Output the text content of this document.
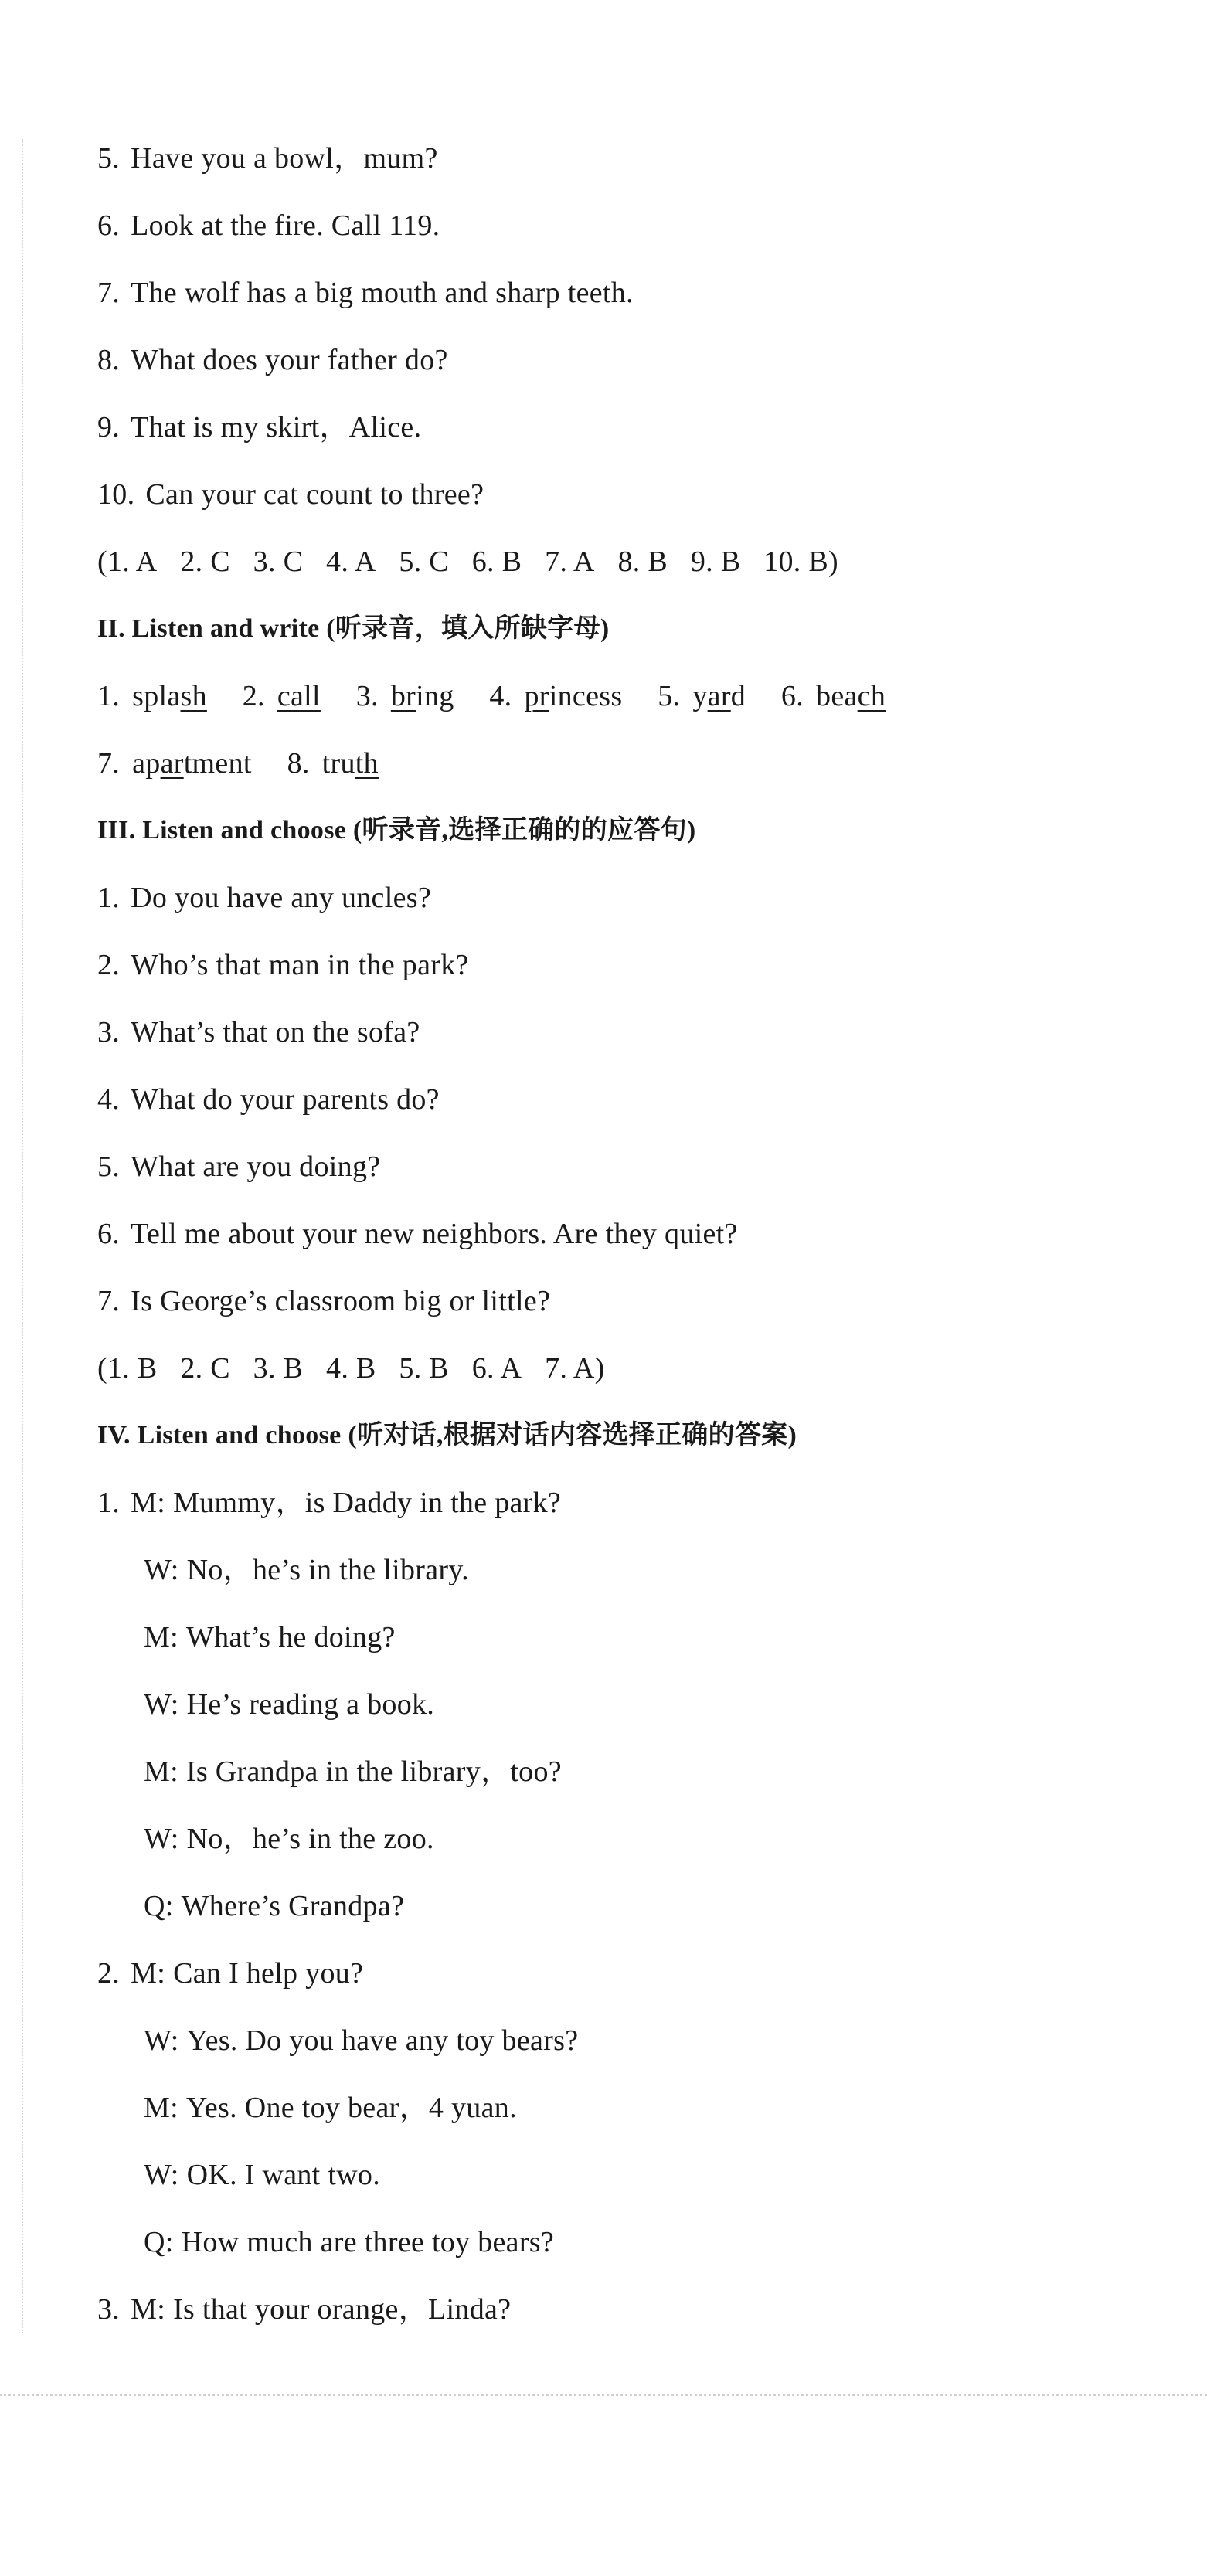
5. Have you a bowl，mum?
6. Look at the fire. Call 119.
7. The wolf has a big mouth and sharp teeth.
8. What does your father do?
9. That is my skirt，Alice.
10. Can your cat count to three?
(1. A 2. C 3. C 4. A 5. C 6. B 7. A 8. B 9. B 10. B)
II. Listen and write (听录音，填入所缺字母)
1. splash 2. call 3. bring 4. princess 5. yard 6. beach
7. apartment 8. truth
III. Listen and choose (听录音,选择正确的的应答句)
1. Do you have any uncles?
2. Who’s that man in the park?
3. What’s that on the sofa?
4. What do your parents do?
5. What are you doing?
6. Tell me about your new neighbors. Are they quiet?
7. Is George’s classroom big or little?
(1. B 2. C 3. B 4. B 5. B 6. A 7. A)
IV. Listen and choose (听对话,根据对话内容选择正确的答案)
1. M: Mummy，is Daddy in the park?
W: No，he’s in the library.
M: What’s he doing?
W: He’s reading a book.
M: Is Grandpa in the library，too?
W: No，he’s in the zoo.
Q: Where’s Grandpa?
2. M: Can I help you?
W: Yes. Do you have any toy bears?
M: Yes. One toy bear，4 yuan.
W: OK. I want two.
Q: How much are three toy bears?
3. M: Is that your orange，Linda?
